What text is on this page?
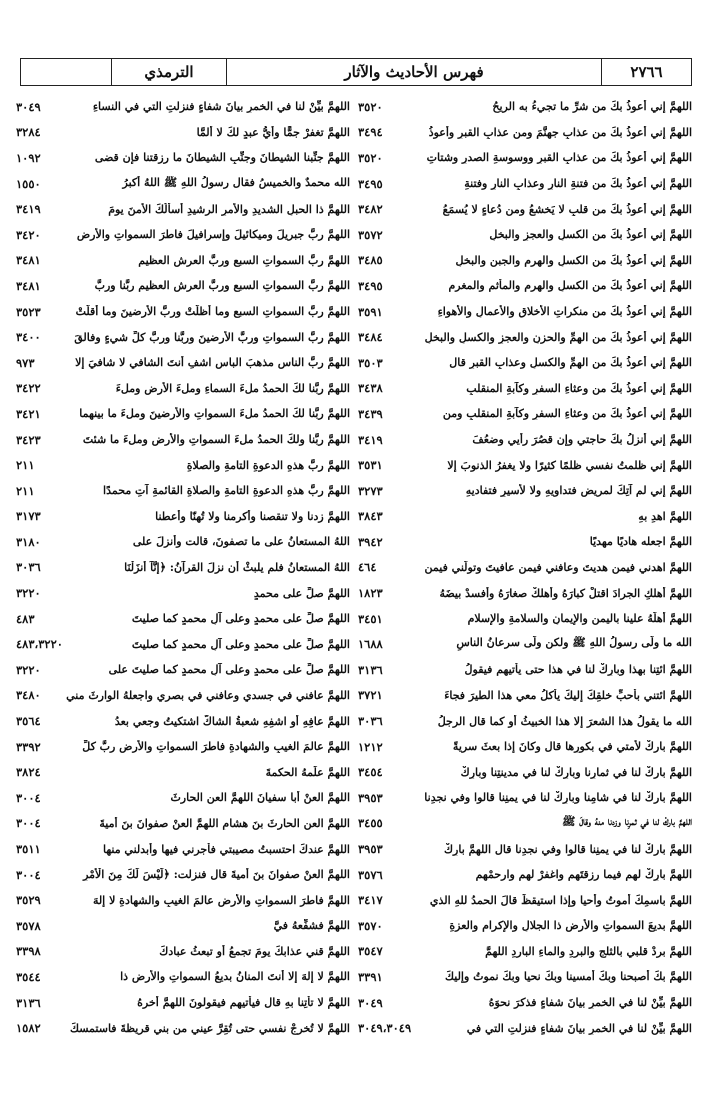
٢٧٦٦
فهرس الأحاديث والآثار
الترمذي
اللهمَّ إني أعوذُ بكَ من شرِّ ما تجيءُ به الريحُ
٣٥٢٠
اللهمَّ إني أعوذُ بكَ من عذابِ جهنَّمَ ومن عذابِ القبرِ وأعوذُ
٣٤٩٤
اللهمَّ إني أعوذُ بكَ من عذابِ القبرِ ووسوسةِ الصدرِ وشتاتِ
٣٥٢٠
اللهمَّ إني أعوذُ بكَ من فتنةِ النارِ وعذابِ النارِ وفتنةِ
٣٤٩٥
اللهمَّ إني أعوذُ بكَ من قلبٍ لا يَخشعُ ومن دُعاءٍ لا يُسمَعُ
٣٤٨٢
اللهمَّ إني أعوذُ بكَ من الكسلِ والعجزِ والبخلِ
٣٥٧٢
اللهمَّ إني أعوذُ بكَ من الكسلِ والهرمِ والجبنِ والبخلِ
٣٤٨٥
اللهمَّ إني أعوذُ بكَ من الكسلِ والهرمِ والمأثمِ والمغرمِ
٣٤٩٥
اللهمَّ إني أعوذُ بكَ من منكراتِ الأخلاقِ والأعمالِ والأهواءِ
٣٥٩١
اللهمَّ إني أعوذُ بكَ من الهمِّ والحزنِ والعجزِ والكسلِ والبخلِ
٣٤٨٤
اللهمَّ إني أعوذُ بكَ من الهمِّ والكسلِ وعذابِ القبرِ قال
٣٥٠٣
اللهمَّ إني أعوذُ بكَ من وعثاءِ السفرِ وكآبةِ المنقلبِ
٣٤٣٨
اللهمَّ إني أعوذُ بكَ من وعثاءِ السفرِ وكآبةِ المنقلبِ ومن
٣٤٣٩
اللهمَّ إني أُنزلُ بكَ حاجتي وإن قصُرَ رأيي وضعُفَ
٣٤١٩
اللهمَّ إني ظلمتُ نفسي ظلمًا كثيرًا ولا يغفرُ الذنوبَ إلا
٣٥٣١
اللهمَّ إني لم آتِكَ لمريضٍ فتداويهِ ولا لأسيرٍ فتفاديهِ
٣٢٧٣
اللهمَّ اهدِ بهِ
٣٨٤٣
اللهمَّ اجعله هاديًا مهديًا
٣٩٤٢
اللهمَّ اهدني فيمن هديتَ وعافني فيمن عافيتَ وتولَّني فيمن
٤٦٤
اللهمَّ أهلكِ الجرادَ اقتلْ كبارَهُ وأهلكْ صغارَهُ وأفسدْ بيضَهُ
١٨٢٣
اللهمَّ أهلَّهُ علينا باليمنِ والإيمانِ والسلامةِ والإسلامِ
٣٤٥١
الله ما ولَّى رسولُ اللهِ ﷺ ولكن ولَّى سرعانُ الناسِ
١٦٨٨
اللهمَّ ائتِنا بهذا وبارِكْ لنا في هذا حتى يأتيهم فيقولُ
٣١٣٦
اللهمَّ ائتني بأحبِّ خلقِكَ إليكَ يأكلُ معي هذا الطيرَ فجاءَ
٣٧٢١
الله ما يقولُ هذا الشعرَ إلا هذا الخبيثُ أو كما قال الرجلُ
٣٠٣٦
اللهمَّ باركْ لأمتي في بكورِها قال وكانَ إذا بعثَ سريةً
١٢١٢
اللهمَّ باركْ لنا في ثمارِنا وبارِكْ لنا في مدينتِنا وبارِكْ
٣٤٥٤
اللهمَّ باركْ لنا في شامِنا وبارِكْ لنا في يمنِنا قالوا وفي نجدِنا
٣٩٥٣
اللهمَّ باركْ لنا في ثمرِنا وزدنا منهُ وقالَ ﷺ
٣٤٥٥
اللهمَّ باركْ لنا في يمنِنا قالوا وفي نجدِنا قال اللهمَّ بارِكْ
٣٩٥٣
اللهمَّ بارِكْ لهم فيما رزقتَهم واغفرْ لهم وارحمْهم
٣٥٧٦
اللهمَّ باسمِكَ أموتُ وأحيا وإذا استيقظَ قالَ الحمدُ للهِ الذي
٣٤١٧
اللهمَّ بديعَ السمواتِ والأرضِ ذا الجلالِ والإكرامِ والعزةِ
٣٥٧٠
اللهمَّ بردْ قلبي بالثلجِ والبردِ والماءِ الباردِ اللهمَّ
٣٥٤٧
اللهمَّ بكَ أصبحنا وبكَ أمسينا وبكَ نحيا وبكَ نموتُ وإليكَ
٣٣٩١
اللهمَّ بيِّنْ لنا في الخمرِ بيانَ شفاءٍ فذكرَ نحوَهُ
٣٠٤٩
اللهمَّ بيِّنْ لنا في الخمرِ بيانَ شفاءٍ فنزلتِ التي في
٣٠٤٩،٣٠٤٩
اللهمَّ بيِّنْ لنا في الخمرِ بيانَ شفاءٍ فنزلتِ التي في النساءِ
٣٠٤٩
اللهمَّ تغفرْ جمًّا وأيُّ عبدٍ لكَ لا ألمَّا
٣٢٨٤
اللهمَّ جنِّبنا الشيطانَ وجنِّبِ الشيطانَ ما رزقتنا فإن قضى
١٠٩٢
الله محمدٌ والخميسُ فقال رسولُ اللهِ ﷺ اللهُ أكبرُ
١٥٥٠
اللهمَّ ذا الحبلِ الشديدِ والأمرِ الرشيدِ أسألُكَ الأمنَ يومَ
٣٤١٩
اللهمَّ ربَّ جبريلَ وميكائيلَ وإسرافيلَ فاطرَ السمواتِ والأرضِ
٣٤٢٠
اللهمَّ ربَّ السمواتِ السبعِ وربَّ العرشِ العظيمِ
٣٤٨١
اللهمَّ ربَّ السمواتِ السبعِ وربَّ العرشِ العظيمِ ربَّنا وربَّ
٣٤٨١
اللهمَّ ربَّ السمواتِ السبعِ وما أظلَّتْ وربَّ الأرضينَ وما أقلَّتْ
٣٥٢٣
اللهمَّ ربَّ السمواتِ وربَّ الأرضينَ وربَّنا وربَّ كلِّ شيءٍ وفالقَ
٣٤٠٠
اللهمَّ ربَّ الناسِ مذهبَ الباسِ اشفِ أنتَ الشافي لا شافيَ إلا
٩٧٣
اللهمَّ ربَّنا لكَ الحمدُ ملءَ السماءِ وملءَ الأرضِ وملءَ
٣٤٢٢
اللهمَّ ربَّنا لكَ الحمدُ ملءَ السمواتِ والأرضينَ وملءَ ما بينهما
٣٤٢١
اللهمَّ ربَّنا ولكَ الحمدُ ملءَ السمواتِ والأرضِ وملءَ ما شئتَ
٣٤٢٣
اللهمَّ ربَّ هذهِ الدعوةِ التامةِ والصلاةِ
٢١١
اللهمَّ ربَّ هذهِ الدعوةِ التامةِ والصلاةِ القائمةِ آتِ محمدًا
٢١١
اللهمَّ زدنا ولا تنقصنا وأكرمنا ولا تُهنّا وأعطنا
٣١٧٣
اللهُ المستعانُ على ما تصفونَ، قالت وأنزلَ على
٣١٨٠
اللهُ المستعانُ فلم يلبثْ أن نزلَ القرآنُ: ﴿إِنَّآ أَنزَلْنَا
٣٠٣٦
اللهمَّ صلِّ على محمدٍ
٣٢٢٠
اللهمَّ صلِّ على محمدٍ وعلى آلِ محمدٍ كما صليتَ
٤٨٣
اللهمَّ صلِّ على محمدٍ وعلى آلِ محمدٍ كما صليتَ
٤٨٣،٣٢٢٠
اللهمَّ صلِّ على محمدٍ وعلى آلِ محمدٍ كما صليتَ على
٣٢٢٠
اللهمَّ عافني في جسدي وعافني في بصري واجعلهُ الوارثَ مني
٣٤٨٠
اللهمَّ عافِهِ أو اشفِهِ شعبةُ الشاكُّ اشتكيتُ وجعي بعدُ
٣٥٦٤
اللهمَّ عالمَ الغيبِ والشهادةِ فاطرَ السمواتِ والأرضِ ربَّ كلِّ
٣٣٩٢
اللهمَّ علِّمهُ الحكمةَ
٣٨٢٤
اللهمَّ العنْ أبا سفيانَ اللهمَّ العنِ الحارثَ
٣٠٠٤
اللهمَّ العنِ الحارثَ بنَ هشامٍ اللهمَّ العنْ صفوانَ بنَ أميةَ
٣٠٠٤
اللهمَّ عندكَ احتسبتُ مصيبتي فأجرني فيها وأبدلني منها
٣٥١١
اللهمَّ العنْ صفوانَ بنَ أميةَ قال فنزلت: ﴿لَيْسَ لَكَ مِنَ الْأَمْرِ
٣٠٠٤
اللهمَّ فاطرَ السمواتِ والأرضِ عالمَ الغيبِ والشهادةِ لا إلهَ
٣٥٢٩
اللهمَّ فشفِّعهُ فيَّ
٣٥٧٨
اللهمَّ قني عذابكَ يومَ تجمعُ أو تبعثُ عبادكَ
٣٣٩٨
اللهمَّ لا إلهَ إلا أنتَ المنانُ بديعُ السمواتِ والأرضِ ذا
٣٥٤٤
اللهمَّ لا تأتِنا بهِ قال فيأتيهم فيقولونَ اللهمَّ أخرهُ
٣١٣٦
اللهمَّ لا تُخرجْ نفسي حتى تُقِرَّ عيني من بني قريظةَ فاستمسكَ
١٥٨٢
